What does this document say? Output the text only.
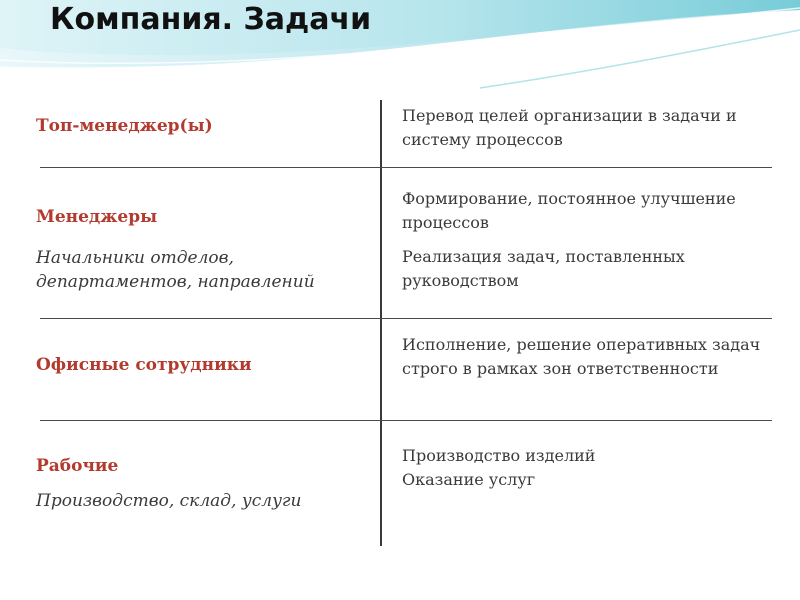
Компания. Задачи
Топ-менеджер(ы)
Перевод целей организации в задачи и систему процессов
Менеджеры
Начальники отделов, департаментов, направлений
Формирование, постоянное улучшение процессов
Реализация задач, поставленных руководством
Офисные сотрудники
Исполнение, решение оперативных задач строго в рамках зон ответственности
Рабочие
Производство, склад, услуги
Производство изделий
Оказание услуг
